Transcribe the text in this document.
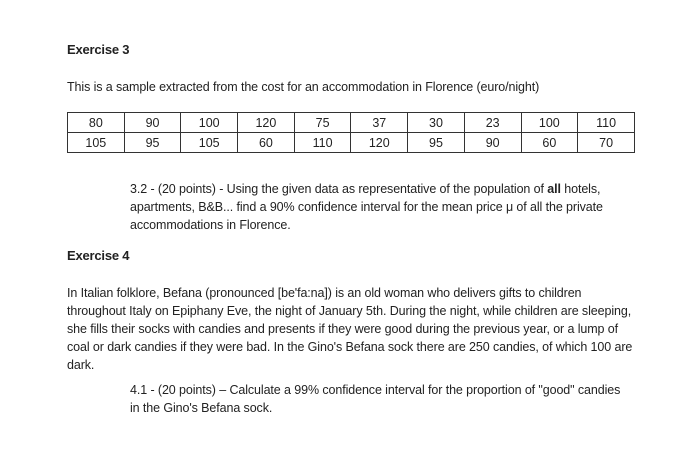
Exercise 3
This is a sample extracted from the cost for an accommodation in Florence (euro/night)
80	90	100	120	75	37	30	23	100	110
105	95	105	60	110	120	95	90	60	70
3.2 - (20 points) - Using the given data as representative of the population of all hotels, apartments, B&B... find a 90% confidence interval for the mean price μ of all the private accommodations in Florence.
Exercise 4
In Italian folklore, Befana (pronounced [be'fa:na]) is an old woman who delivers gifts to children throughout Italy on Epiphany Eve, the night of January 5th. During the night, while children are sleeping, she fills their socks with candies and presents if they were good during the previous year, or a lump of coal or dark candies if they were bad. In the Gino's Befana sock there are 250 candies, of which 100 are dark.
4.1 - (20 points) – Calculate a 99% confidence interval for the proportion of "good" candies in the Gino's Befana sock.
